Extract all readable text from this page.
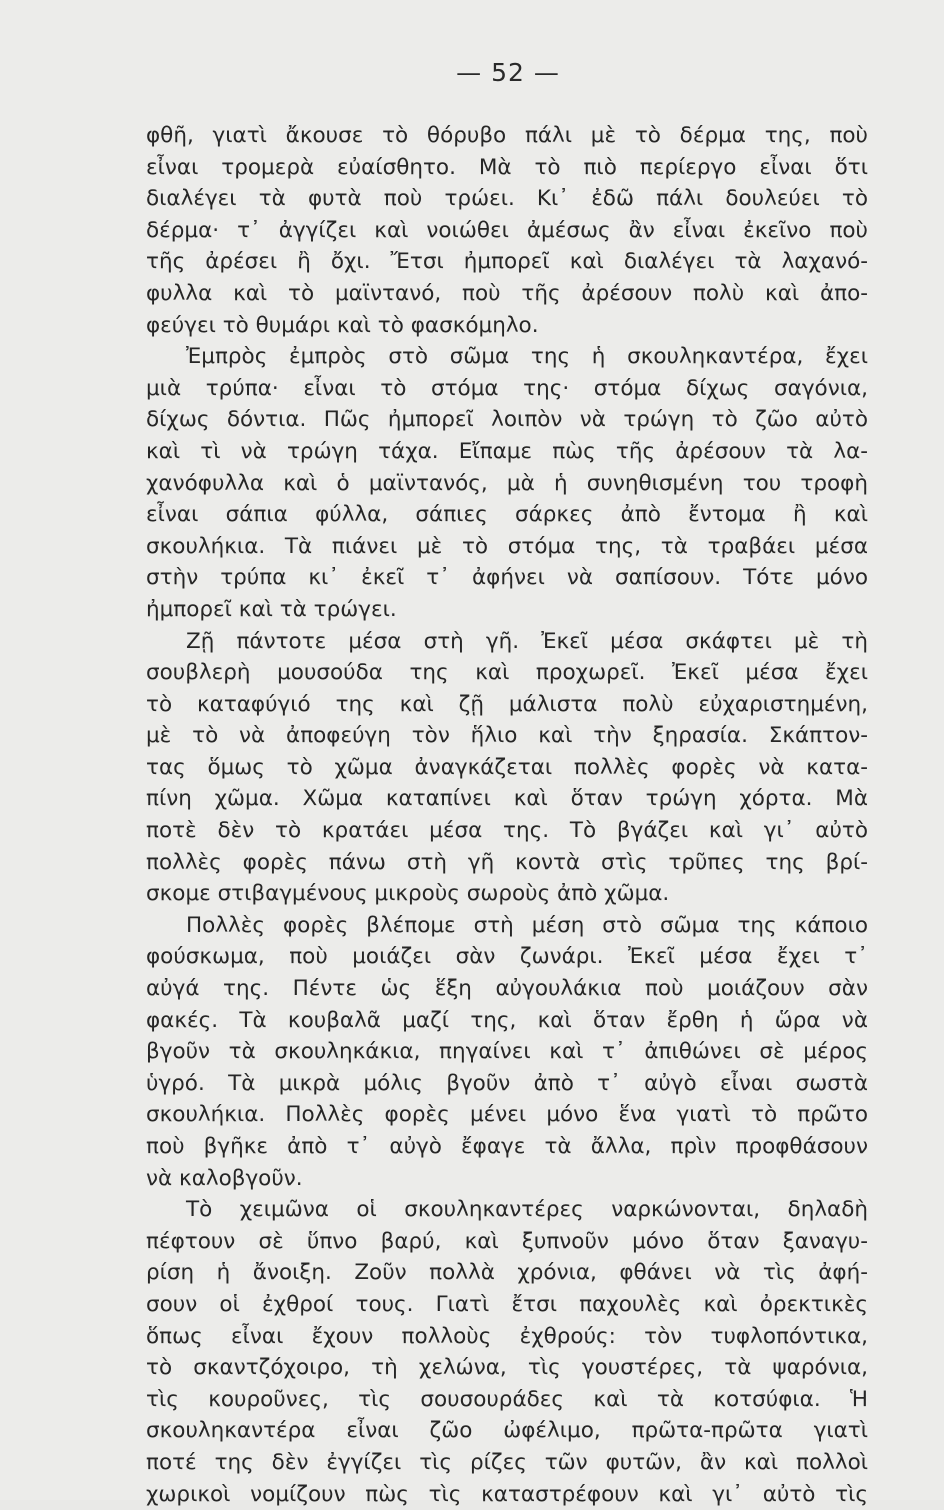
— 52 —
φθῆ, γιατὶ ἄκουσε τὸ θόρυβο πάλι μὲ τὸ δέρμα της, ποὺ
εἶναι τρομερὰ εὐαίσθητο. Μὰ τὸ πιὸ περίεργο εἶναι ὅτι
διαλέγει τὰ φυτὰ ποὺ τρώει. Κι᾿ ἐδῶ πάλι δουλεύει τὸ
δέρμα· τ᾿ ἀγγίζει καὶ νοιώθει ἀμέσως ἂν εἶναι ἐκεῖνο ποὺ
τῆς ἀρέσει ἢ ὄχι. Ἔτσι ἠμπορεῖ καὶ διαλέγει τὰ λαχανό-
φυλλα καὶ τὸ μαϊντανό, ποὺ τῆς ἀρέσουν πολὺ καὶ ἀπο-
φεύγει τὸ θυμάρι καὶ τὸ φασκόμηλο.
Ἐμπρὸς ἐμπρὸς στὸ σῶμα της ἡ σκουληκαντέρα, ἔχει
μιὰ τρύπα· εἶναι τὸ στόμα της· στόμα δίχως σαγόνια,
δίχως δόντια. Πῶς ἠμπορεῖ λοιπὸν νὰ τρώγη τὸ ζῶο αὐτὸ
καὶ τὶ νὰ τρώγη τάχα. Εἴπαμε πὼς τῆς ἀρέσουν τὰ λα-
χανόφυλλα καὶ ὁ μαϊντανός, μὰ ἡ συνηθισμένη του τροφὴ
εἶναι σάπια φύλλα, σάπιες σάρκες ἀπὸ ἔντομα ἢ καὶ
σκουλήκια. Τὰ πιάνει μὲ τὸ στόμα της, τὰ τραβάει μέσα
στὴν τρύπα κι᾿ ἐκεῖ τ᾿ ἀφήνει νὰ σαπίσουν. Τότε μόνο
ἠμπορεῖ καὶ τὰ τρώγει.
Ζῇ πάντοτε μέσα στὴ γῆ. Ἐκεῖ μέσα σκάφτει μὲ τὴ
σουβλερὴ μουσούδα της καὶ προχωρεῖ. Ἐκεῖ μέσα ἔχει
τὸ καταφύγιό της καὶ ζῇ μάλιστα πολὺ εὐχαριστημένη,
μὲ τὸ νὰ ἀποφεύγη τὸν ἥλιο καὶ τὴν ξηρασία. Σκάπτον-
τας ὅμως τὸ χῶμα ἀναγκάζεται πολλὲς φορὲς νὰ κατα-
πίνη χῶμα. Χῶμα καταπίνει καὶ ὅταν τρώγη χόρτα. Μὰ
ποτὲ δὲν τὸ κρατάει μέσα της. Τὸ βγάζει καὶ γι᾿ αὐτὸ
πολλὲς φορὲς πάνω στὴ γῆ κοντὰ στὶς τρῦπες της βρί-
σκομε στιβαγμένους μικροὺς σωροὺς ἀπὸ χῶμα.
Πολλὲς φορὲς βλέπομε στὴ μέση στὸ σῶμα της κάποιο
φούσκωμα, ποὺ μοιάζει σὰν ζωνάρι. Ἐκεῖ μέσα ἔχει τ᾿
αὐγά της. Πέντε ὡς ἕξη αὐγουλάκια ποὺ μοιάζουν σὰν
φακές. Τὰ κουβαλᾶ μαζί της, καὶ ὅταν ἔρθη ἡ ὥρα νὰ
βγοῦν τὰ σκουληκάκια, πηγαίνει καὶ τ᾿ ἀπιθώνει σὲ μέρος
ὑγρό. Τὰ μικρὰ μόλις βγοῦν ἀπὸ τ᾿ αὐγὸ εἶναι σωστὰ
σκουλήκια. Πολλὲς φορὲς μένει μόνο ἕνα γιατὶ τὸ πρῶτο
ποὺ βγῆκε ἀπὸ τ᾿ αὐγὸ ἔφαγε τὰ ἄλλα, πρὶν προφθάσουν
νὰ καλοβγοῦν.
Τὸ χειμῶνα οἱ σκουληκαντέρες ναρκώνονται, δηλαδὴ
πέφτουν σὲ ὕπνο βαρύ, καὶ ξυπνοῦν μόνο ὅταν ξαναγυ-
ρίση ἡ ἄνοιξη. Ζοῦν πολλὰ χρόνια, φθάνει νὰ τὶς ἀφή-
σουν οἱ ἐχθροί τους. Γιατὶ ἔτσι παχουλὲς καὶ ὀρεκτικὲς
ὅπως εἶναι ἔχουν πολλοὺς ἐχθρούς: τὸν τυφλοπόντικα,
τὸ σκαντζόχοιρο, τὴ χελώνα, τὶς γουστέρες, τὰ ψαρόνια,
τὶς κουροῦνες, τὶς σουσουράδες καὶ τὰ κοτσύφια. Ἡ
σκουληκαντέρα εἶναι ζῶο ὠφέλιμο, πρῶτα-πρῶτα γιατὶ
ποτέ της δὲν ἐγγίζει τὶς ρίζες τῶν φυτῶν, ἂν καὶ πολλοὶ
χωρικοὶ νομίζουν πὼς τὶς καταστρέφουν καὶ γι᾿ αὐτὸ τὶς
